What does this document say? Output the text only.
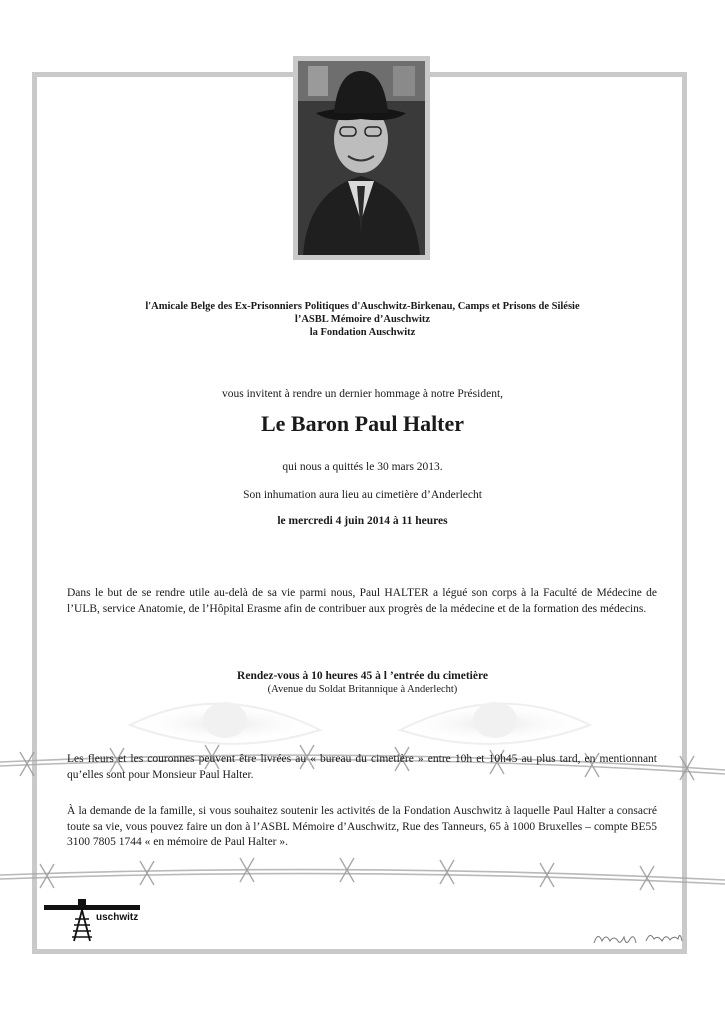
l'Amicale Belge des Ex-Prisonniers Politiques d'Auschwitz-Birkenau, Camps et Prisons de Silésie
l’ASBL Mémoire d’Auschwitz
la Fondation Auschwitz
vous invitent à rendre un dernier hommage à notre Président,
Le Baron Paul Halter
qui nous a quittés le 30 mars 2013.
Son inhumation aura lieu au cimetière d’Anderlecht
le mercredi 4 juin 2014 à 11 heures
Dans le but de se rendre utile au-delà de sa vie parmi nous, Paul HALTER a légué son corps à la Faculté de Médecine de l’ULB, service Anatomie, de l’Hôpital Erasme afin de contribuer aux progrès de la médecine et de la formation des médecins.
Rendez-vous à 10 heures 45 à l ’entrée du cimetière
(Avenue du Soldat Britannique à Anderlecht)
Les fleurs et les couronnes peuvent être livrées au « bureau du cimetière » entre 10h et 10h45 au plus tard, en mentionnant qu’elles sont pour Monsieur Paul Halter.
À la demande de la famille, si vous souhaitez soutenir les activités de la Fondation Auschwitz à laquelle Paul Halter a consacré toute sa vie, vous pouvez faire un don à l’ASBL Mémoire d’Auschwitz, Rue des Tanneurs, 65 à 1000 Bruxelles – compte BE55 3100 7805 1744 « en mémoire de Paul Halter ».
uschwitz
